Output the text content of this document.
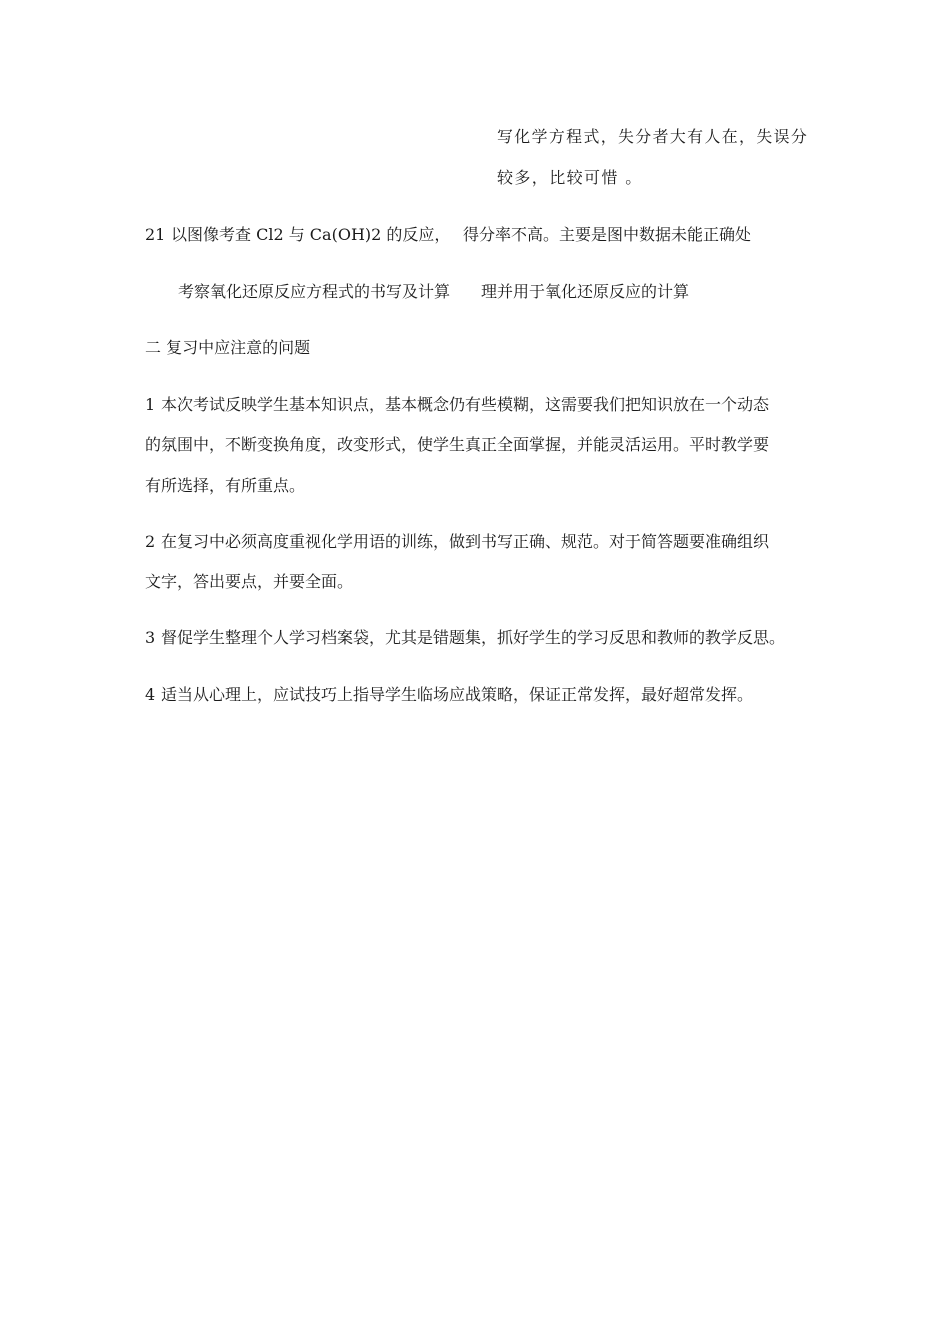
写化学方程式，失分者大有人在，失误分
较多，比较可惜 。
21 以图像考查 Cl2 与 Ca(OH)2 的反应， 得分率不高。主要是图中数据未能正确处
考察氧化还原反应方程式的书写及计算 理并用于氧化还原反应的计算
二 复习中应注意的问题
1 本次考试反映学生基本知识点，基本概念仍有些模糊，这需要我们把知识放在一个动态
的氛围中，不断变换角度，改变形式，使学生真正全面掌握，并能灵活运用。平时教学要
有所选择，有所重点。
2 在复习中必须高度重视化学用语的训练，做到书写正确、规范。对于简答题要准确组织
文字，答出要点，并要全面。
3 督促学生整理个人学习档案袋，尤其是错题集，抓好学生的学习反思和教师的教学反思。
4 适当从心理上，应试技巧上指导学生临场应战策略，保证正常发挥，最好超常发挥。
